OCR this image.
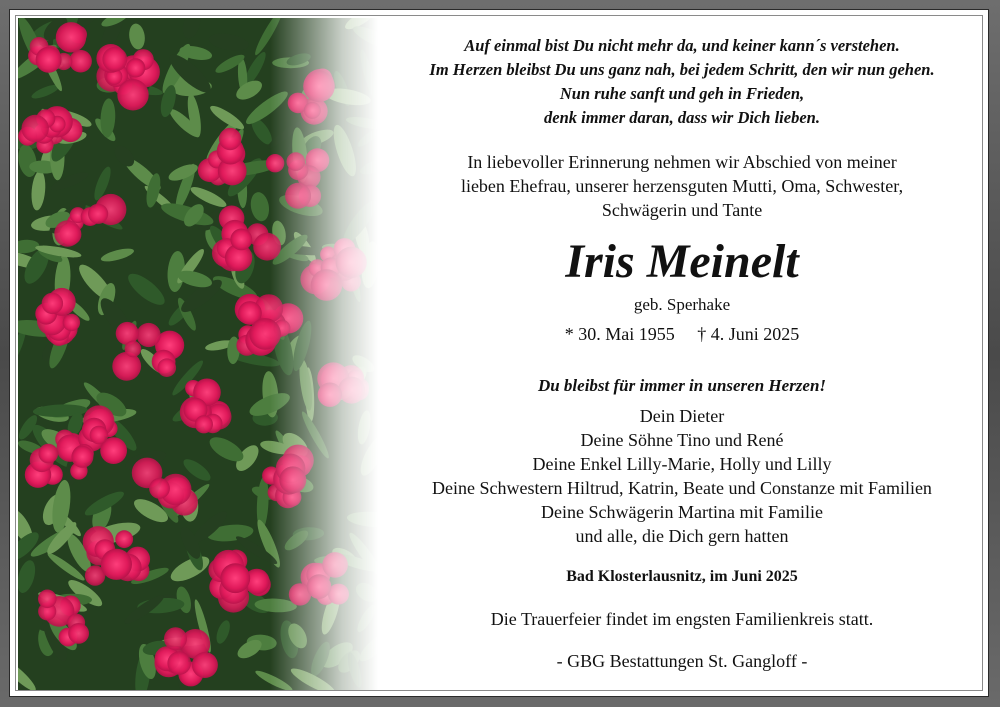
Auf einmal bist Du nicht mehr da, und keiner kann´s verstehen.
Im Herzen bleibst Du uns ganz nah, bei jedem Schritt, den wir nun gehen.
Nun ruhe sanft und geh in Frieden,
denk immer daran, dass wir Dich lieben.
In liebevoller Erinnerung nehmen wir Abschied von meiner
lieben Ehefrau, unserer herzensguten Mutti, Oma, Schwester,
Schwägerin und Tante
Iris Meinelt
geb. Sperhake
* 30. Mai 1955     † 4. Juni 2025
Du bleibst für immer in unseren Herzen!
Dein Dieter
Deine Söhne Tino und René
Deine Enkel Lilly-Marie, Holly und Lilly
Deine Schwestern Hiltrud, Katrin, Beate und Constanze mit Familien
Deine Schwägerin Martina mit Familie
und alle, die Dich gern hatten
Bad Klosterlausnitz, im Juni 2025
Die Trauerfeier findet im engsten Familienkreis statt.
- GBG Bestattungen St. Gangloff -
